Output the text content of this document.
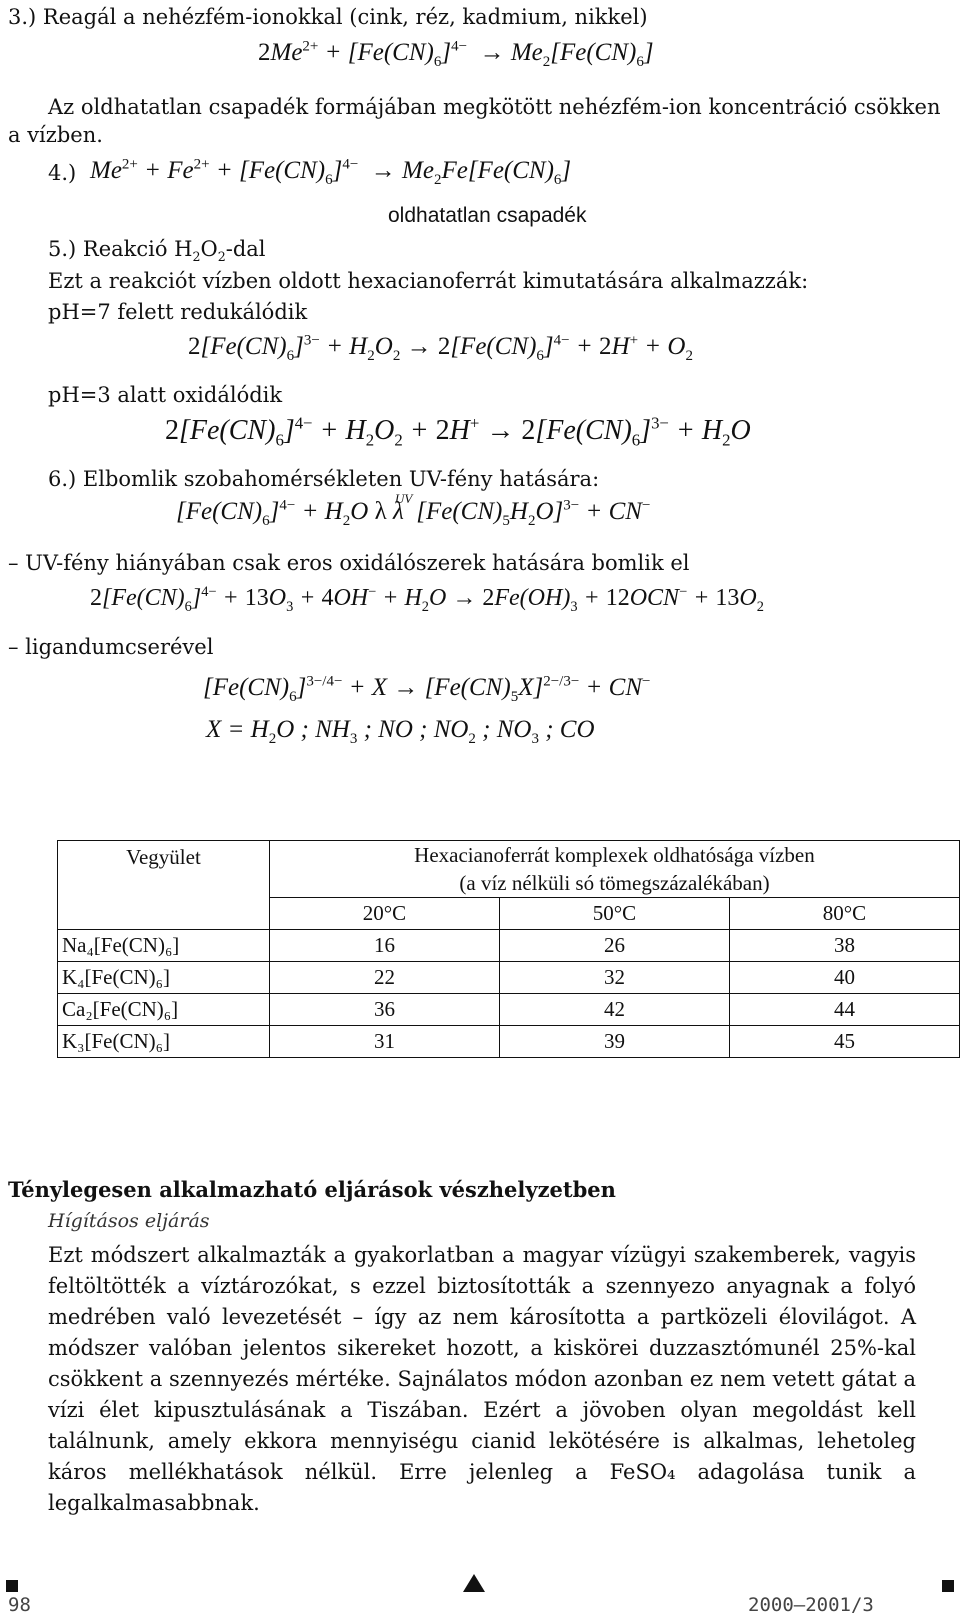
3.) Reagál a nehézfém-ionokkal (cink, réz, kadmium, nikkel)
$2Me^{2+} + [Fe(CN)_6]^{4-} \to Me_2[Fe(CN)_6]$
Az oldhatatlan csapadék formájában megkötött nehézfém-ion koncentráció csökken
a vízben.
4.) $Me^{2+} + Fe^{2+} + [Fe(CN)_6]^{4-} \to Me_2Fe[Fe(CN)_6]$
oldhatatlan csapadék
5.) Reakció $H_2O_2$-dal
Ezt a reakciót vízben oldott hexacianoferrát kimutatására alkalmazzák:
pH=7 felett redukálódik
$2[Fe(CN)_6]^{3-} + H_2O_2 \to 2[Fe(CN)_6]^{4-} + 2H^+ + O_2$
pH=3 alatt oxidálódik
$2[Fe(CN)_6]^{4-} + H_2O_2 + 2H^+ \to 2[Fe(CN)_6]^{3-} + H_2O$
6.) Elbomlik szobahomérsékleten UV-fény hatására:
$[Fe(CN)_6]^{4-} + H_2O$ λ UV
λ  $[Fe(CN)_5H_2O]^{3-} + CN^-$
– UV-fény hiányában csak eros oxidálószerek hatására bomlik el
$2[Fe(CN)_6]^{4-} + 13O_3 + 4OH^- + H_2O \to 2Fe(OH)_3 + 12OCN^- + 13O_2$
– ligandumcserével
$[Fe(CN)_6]^{3-/4-} + X \to [Fe(CN)_5X]^{2-/3-} + CN^-$
$X = H_2O$ ; $NH_3$ ; NO ; $NO_2$ ; $NO_3$ ; CO
Vegyület	Hexacianoferrát komplexek oldhatósága vízben		
	(a víz nélküli só tömegszázalékában)		
	20°C	50°C	80°C
Na₄[Fe(CN)₆]	16	26	38
K₄[Fe(CN)₆]	22	32	40
Ca₂[Fe(CN)₆]	36	42	44
K₃[Fe(CN)₆]	31	39	45
Ténylegesen alkalmazható eljárások vészhelyzetben
Hígításos eljárás
Ezt módszert alkalmazták a gyakorlatban a magyar vízügyi szakemberek, vagyis feltöltötték a víztározókat, s ezzel biztosították a szennyezo anyagnak a folyó medrében való levezetését – így az nem károsította a partközeli élovilágot. A módszer valóban jelentos sikereket hozott, a kiskörei duzzasztómunél 25%-kal csökkent a szennyezés mértéke. Sajnálatos módon azonban ez nem vetett gátat a vízi élet kipusztulásának a Tiszában. Ezért a jövoben olyan megoldást kell találnunk, amely ekkora mennyiségu cianid lekötésére is alkalmas, lehetoleg káros mellékhatások nélkül. Erre jelenleg a FeSO₄ adagolása tunik a legalkalmasabbnak.
98	2000–2001/3
